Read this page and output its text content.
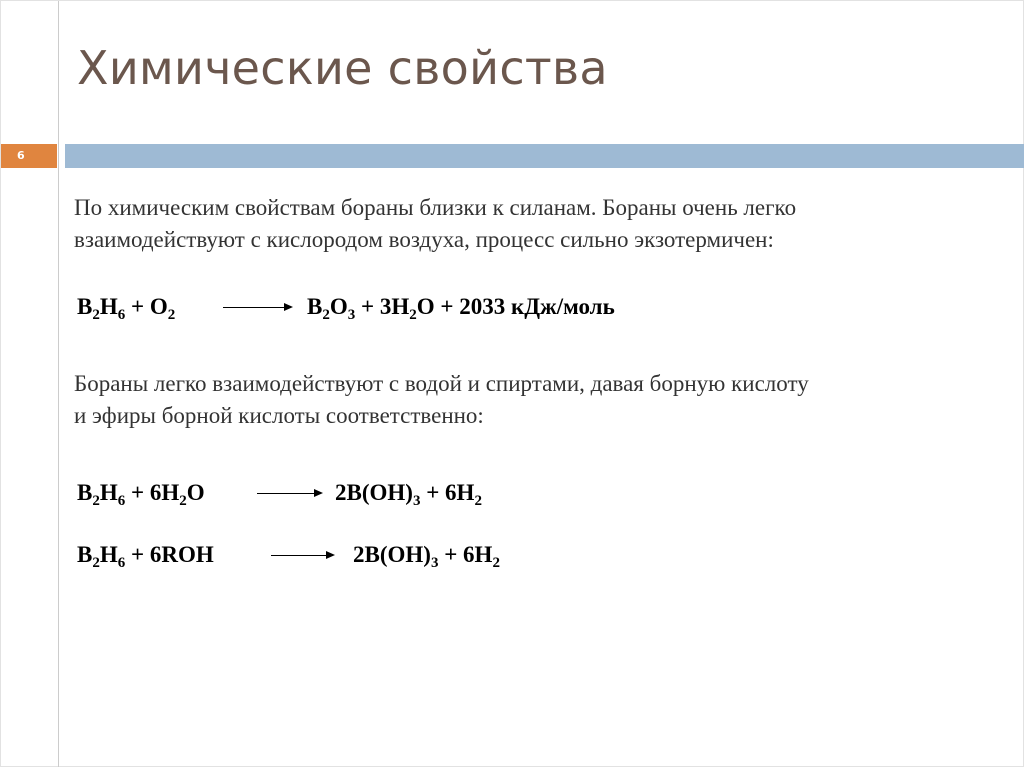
Химические свойства
6
По химическим свойствам бораны близки к силанам. Бораны очень легко
взаимодействуют с кислородом воздуха, процесс сильно экзотермичен:
$B_2H_6 + O_2 \to B_2O_3 + 3H_2O + 2033$ кДж/моль
Бораны легко взаимодействуют с водой и спиртами, давая борную кислоту
и эфиры борной кислоты соответственно:
$B_2H_6 + 6H_2O \to 2B(OH)_3 + 6H_2$
$B_2H_6 + 6ROH \to 2B(OH)_3 + 6H_2$
